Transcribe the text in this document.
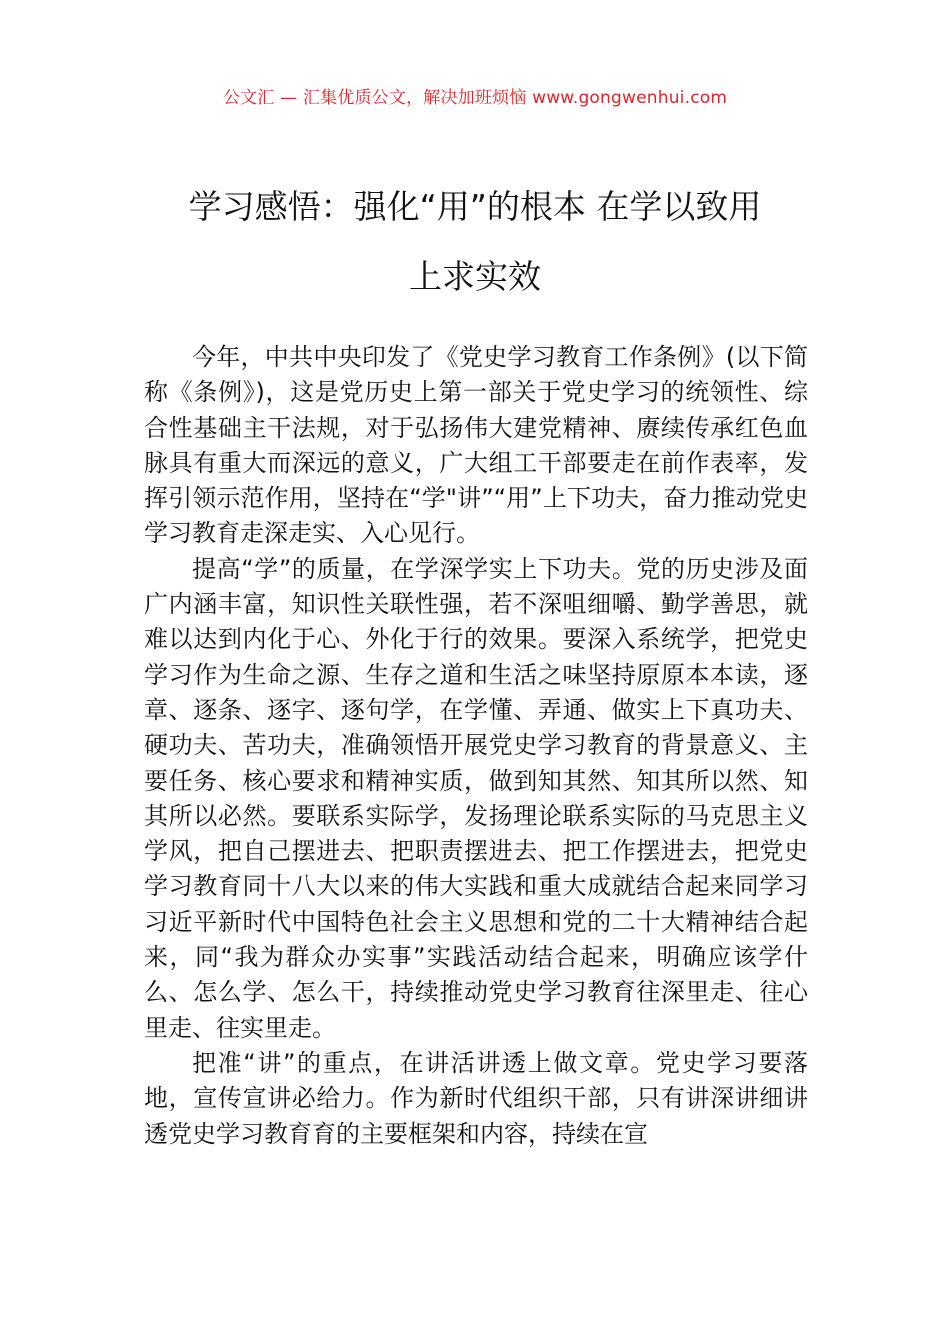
公文汇 — 汇集优质公文，解决加班烦恼 www.gongwenhui.com
学习感悟：强化“用”的根本 在学以致用
上求实效

今年，中共中央印发了《党史学习教育工作条例》(以下简称《条例》)，这是党历史上第一部关于党史学习的统领性、综合性基础主干法规，对于弘扬伟大建党精神、赓续传承红色血脉具有重大而深远的意义，广大组工干部要走在前作表率，发挥引领示范作用，坚持在“学"讲”“用”上下功夫，奋力推动党史学习教育走深走实、入心见行。

提高“学”的质量，在学深学实上下功夫。党的历史涉及面广内涵丰富，知识性关联性强，若不深咀细嚼、勤学善思，就难以达到内化于心、外化于行的效果。要深入系统学，把党史学习作为生命之源、生存之道和生活之味坚持原原本本读，逐章、逐条、逐字、逐句学，在学懂、弄通、做实上下真功夫、硬功夫、苦功夫，准确领悟开展党史学习教育的背景意义、主要任务、核心要求和精神实质，做到知其然、知其所以然、知其所以必然。要联系实际学，发扬理论联系实际的马克思主义学风，把自己摆进去、把职责摆进去、把工作摆进去，把党史学习教育同十八大以来的伟大实践和重大成就结合起来同学习习近平新时代中国特色社会主义思想和党的二十大精神结合起来，同“我为群众办实事”实践活动结合起来，明确应该学什么、怎么学、怎么干，持续推动党史学习教育往深里走、往心里走、往实里走。

把准“讲”的重点，在讲活讲透上做文章。党史学习要落地，宣传宣讲必给力。作为新时代组织干部，只有讲深讲细讲透党史学习教育育的主要框架和内容，持续在宣
